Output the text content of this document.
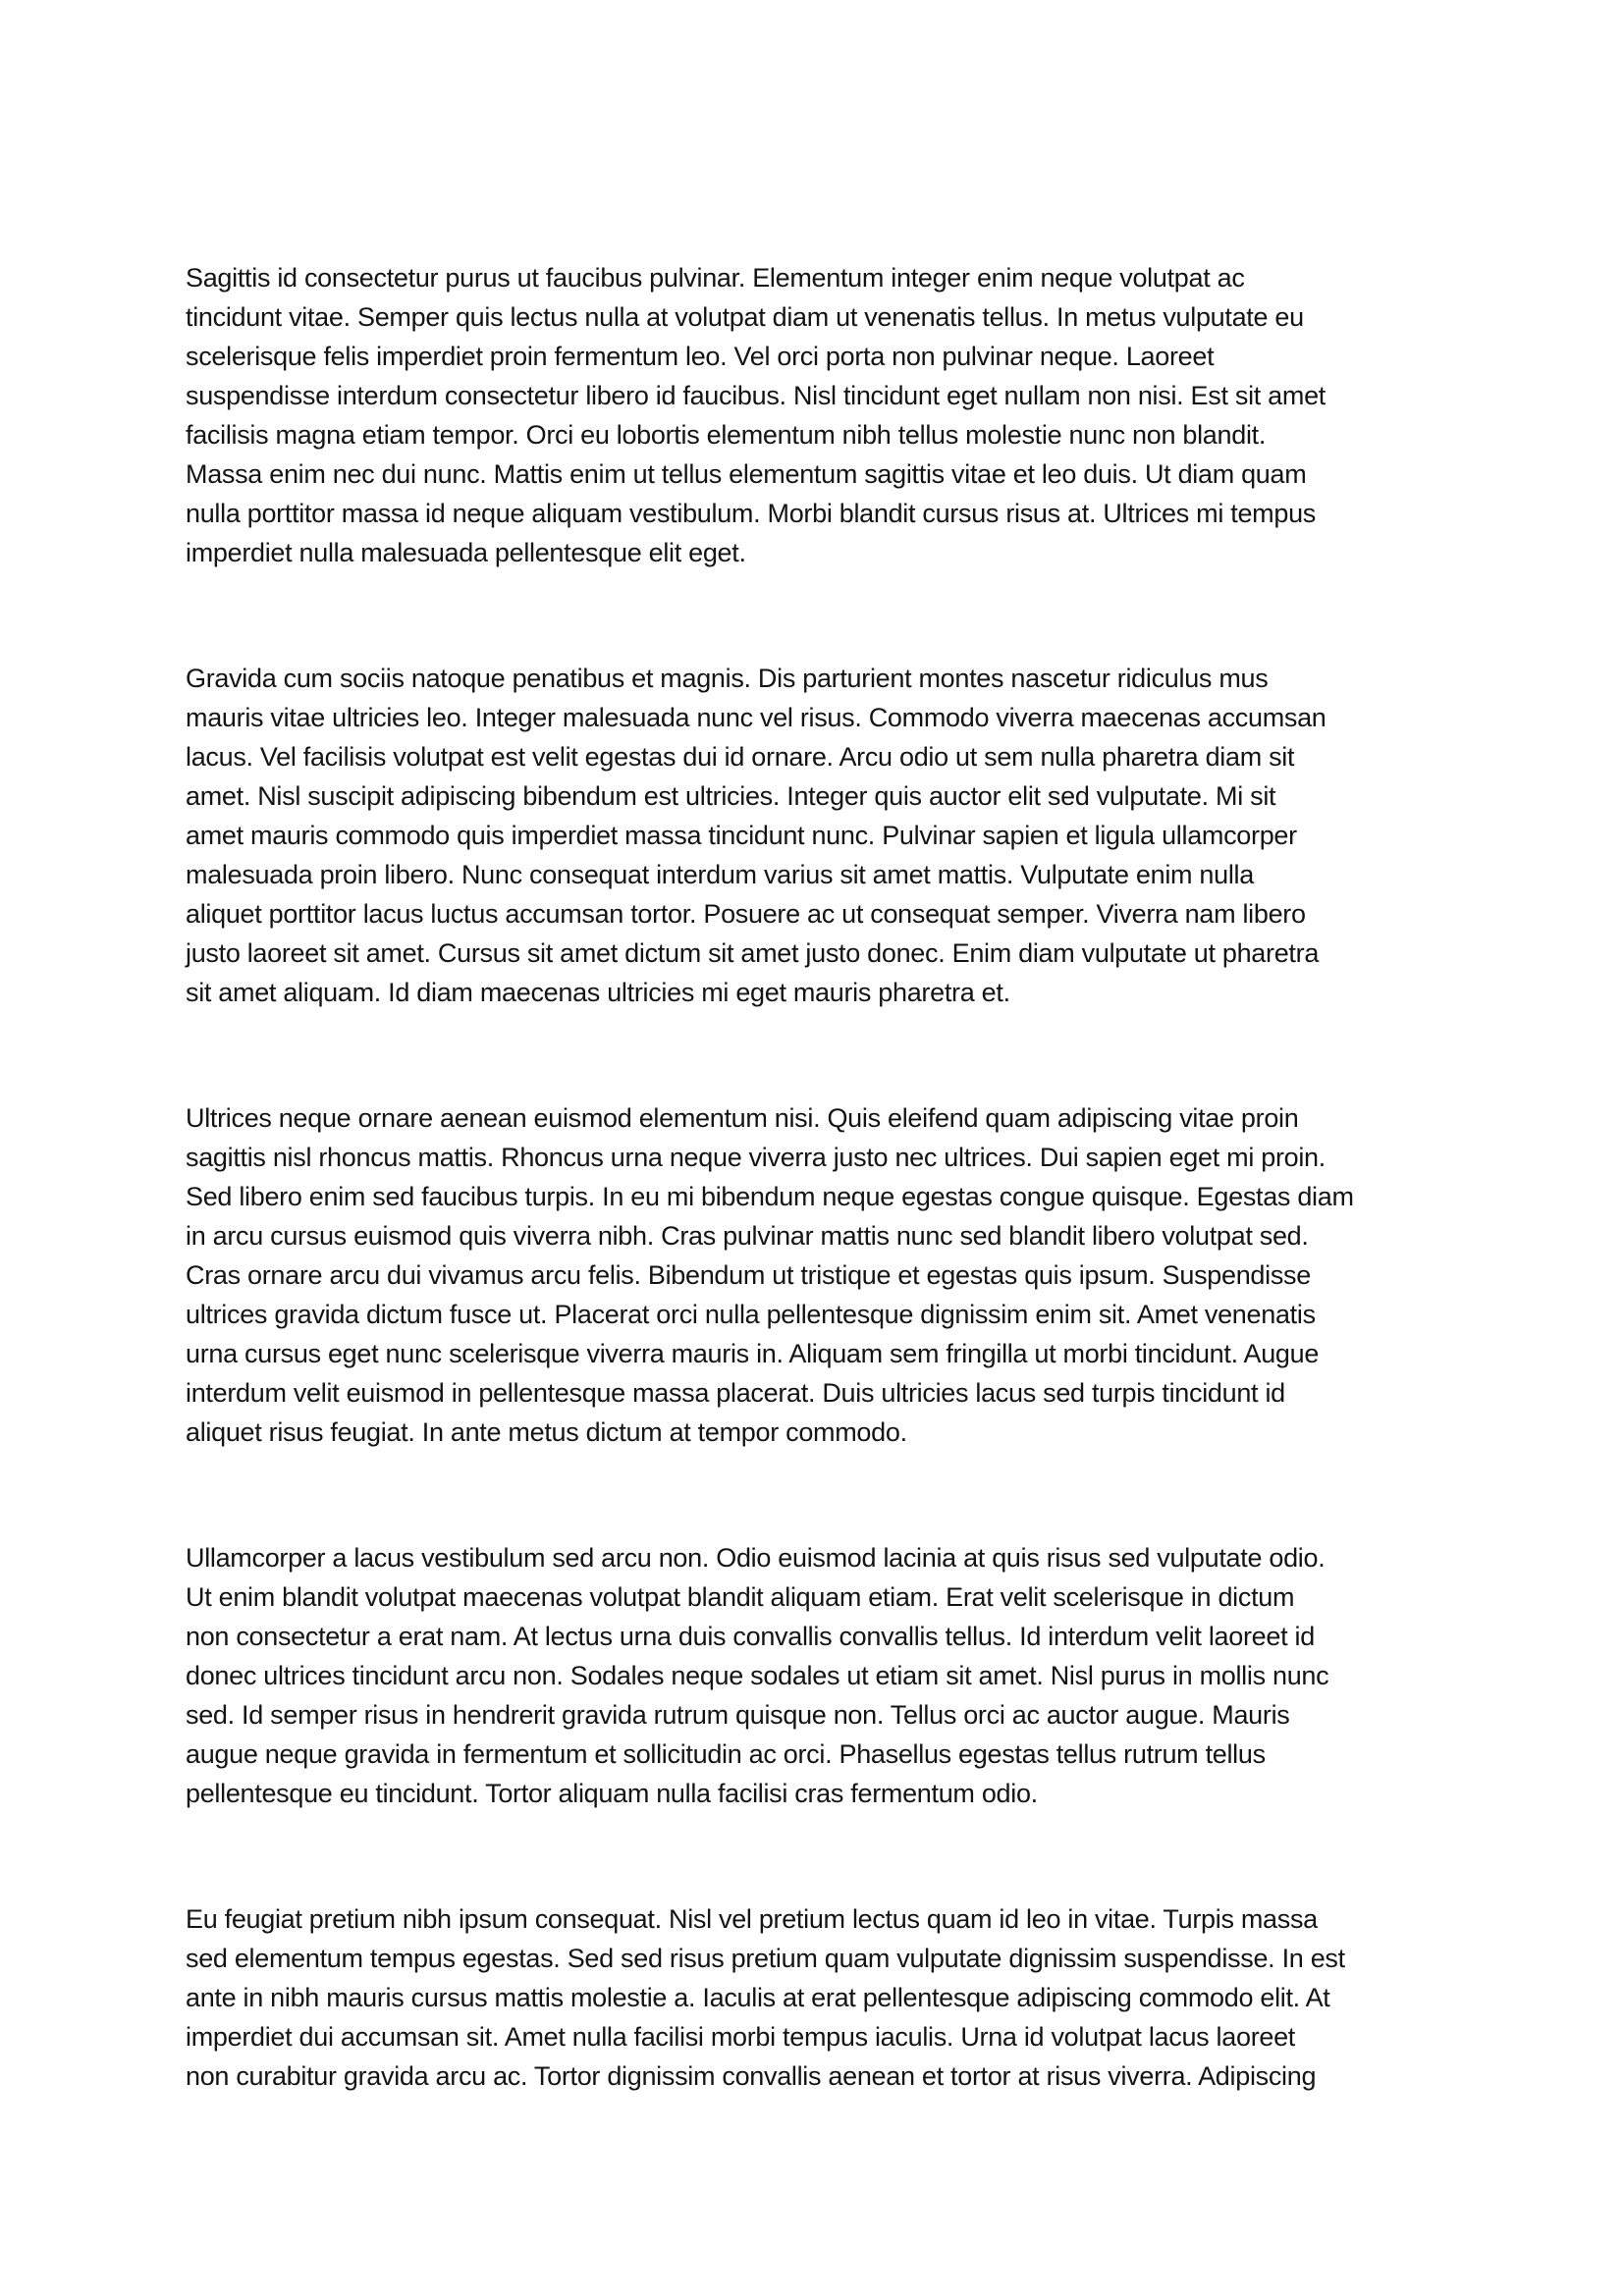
Sagittis id consectetur purus ut faucibus pulvinar. Elementum integer enim neque volutpat ac
tincidunt vitae. Semper quis lectus nulla at volutpat diam ut venenatis tellus. In metus vulputate eu
scelerisque felis imperdiet proin fermentum leo. Vel orci porta non pulvinar neque. Laoreet
suspendisse interdum consectetur libero id faucibus. Nisl tincidunt eget nullam non nisi. Est sit amet
facilisis magna etiam tempor. Orci eu lobortis elementum nibh tellus molestie nunc non blandit.
Massa enim nec dui nunc. Mattis enim ut tellus elementum sagittis vitae et leo duis. Ut diam quam
nulla porttitor massa id neque aliquam vestibulum. Morbi blandit cursus risus at. Ultrices mi tempus
imperdiet nulla malesuada pellentesque elit eget.
Gravida cum sociis natoque penatibus et magnis. Dis parturient montes nascetur ridiculus mus
mauris vitae ultricies leo. Integer malesuada nunc vel risus. Commodo viverra maecenas accumsan
lacus. Vel facilisis volutpat est velit egestas dui id ornare. Arcu odio ut sem nulla pharetra diam sit
amet. Nisl suscipit adipiscing bibendum est ultricies. Integer quis auctor elit sed vulputate. Mi sit
amet mauris commodo quis imperdiet massa tincidunt nunc. Pulvinar sapien et ligula ullamcorper
malesuada proin libero. Nunc consequat interdum varius sit amet mattis. Vulputate enim nulla
aliquet porttitor lacus luctus accumsan tortor. Posuere ac ut consequat semper. Viverra nam libero
justo laoreet sit amet. Cursus sit amet dictum sit amet justo donec. Enim diam vulputate ut pharetra
sit amet aliquam. Id diam maecenas ultricies mi eget mauris pharetra et.
Ultrices neque ornare aenean euismod elementum nisi. Quis eleifend quam adipiscing vitae proin
sagittis nisl rhoncus mattis. Rhoncus urna neque viverra justo nec ultrices. Dui sapien eget mi proin.
Sed libero enim sed faucibus turpis. In eu mi bibendum neque egestas congue quisque. Egestas diam
in arcu cursus euismod quis viverra nibh. Cras pulvinar mattis nunc sed blandit libero volutpat sed.
Cras ornare arcu dui vivamus arcu felis. Bibendum ut tristique et egestas quis ipsum. Suspendisse
ultrices gravida dictum fusce ut. Placerat orci nulla pellentesque dignissim enim sit. Amet venenatis
urna cursus eget nunc scelerisque viverra mauris in. Aliquam sem fringilla ut morbi tincidunt. Augue
interdum velit euismod in pellentesque massa placerat. Duis ultricies lacus sed turpis tincidunt id
aliquet risus feugiat. In ante metus dictum at tempor commodo.
Ullamcorper a lacus vestibulum sed arcu non. Odio euismod lacinia at quis risus sed vulputate odio.
Ut enim blandit volutpat maecenas volutpat blandit aliquam etiam. Erat velit scelerisque in dictum
non consectetur a erat nam. At lectus urna duis convallis convallis tellus. Id interdum velit laoreet id
donec ultrices tincidunt arcu non. Sodales neque sodales ut etiam sit amet. Nisl purus in mollis nunc
sed. Id semper risus in hendrerit gravida rutrum quisque non. Tellus orci ac auctor augue. Mauris
augue neque gravida in fermentum et sollicitudin ac orci. Phasellus egestas tellus rutrum tellus
pellentesque eu tincidunt. Tortor aliquam nulla facilisi cras fermentum odio.
Eu feugiat pretium nibh ipsum consequat. Nisl vel pretium lectus quam id leo in vitae. Turpis massa
sed elementum tempus egestas. Sed sed risus pretium quam vulputate dignissim suspendisse. In est
ante in nibh mauris cursus mattis molestie a. Iaculis at erat pellentesque adipiscing commodo elit. At
imperdiet dui accumsan sit. Amet nulla facilisi morbi tempus iaculis. Urna id volutpat lacus laoreet
non curabitur gravida arcu ac. Tortor dignissim convallis aenean et tortor at risus viverra. Adipiscing
